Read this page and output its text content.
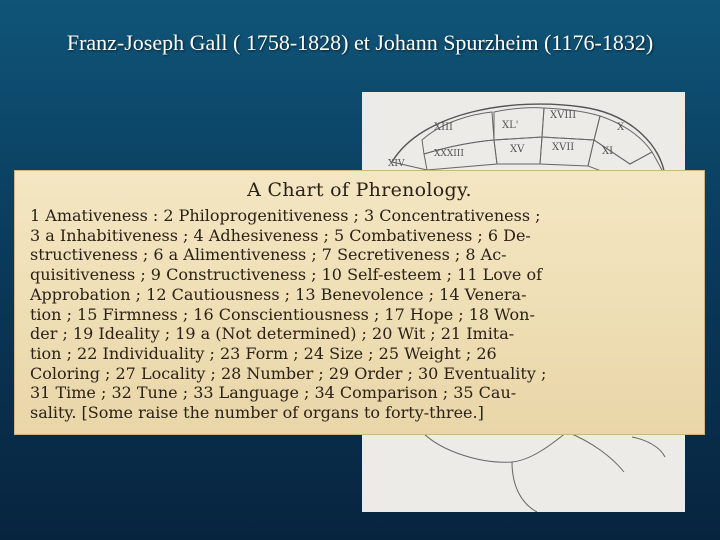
Franz-Joseph Gall ( 1758-1828) et Johann Spurzheim (1176-1832)
XIII	XL'
XVIII
X
XXXIII	XV	XVII	XI
XIV
A Chart of Phrenology.
1 Amativeness : 2 Philoprogenitiveness ; 3 Concentrativeness ;
3 a Inhabitiveness ; 4 Adhesiveness ; 5 Combativeness ; 6 De-
structiveness ; 6 a Alimentiveness ; 7 Secretiveness ; 8 Ac-
quisitiveness ; 9 Constructiveness ; 10 Self-esteem ; 11 Love of
Approbation ; 12 Cautiousness ; 13 Benevolence ; 14 Venera-
tion ; 15 Firmness ; 16 Conscientiousness ; 17 Hope ; 18 Won-
der ; 19 Ideality ; 19 a (Not determined) ; 20 Wit ; 21 Imita-
tion ; 22 Individuality ; 23 Form ; 24 Size ; 25 Weight ; 26
Coloring ; 27 Locality ; 28 Number ; 29 Order ; 30 Eventuality ;
31 Time ; 32 Tune ; 33 Language ; 34 Comparison ; 35 Cau-
sality. [Some raise the number of organs to forty-three.]
